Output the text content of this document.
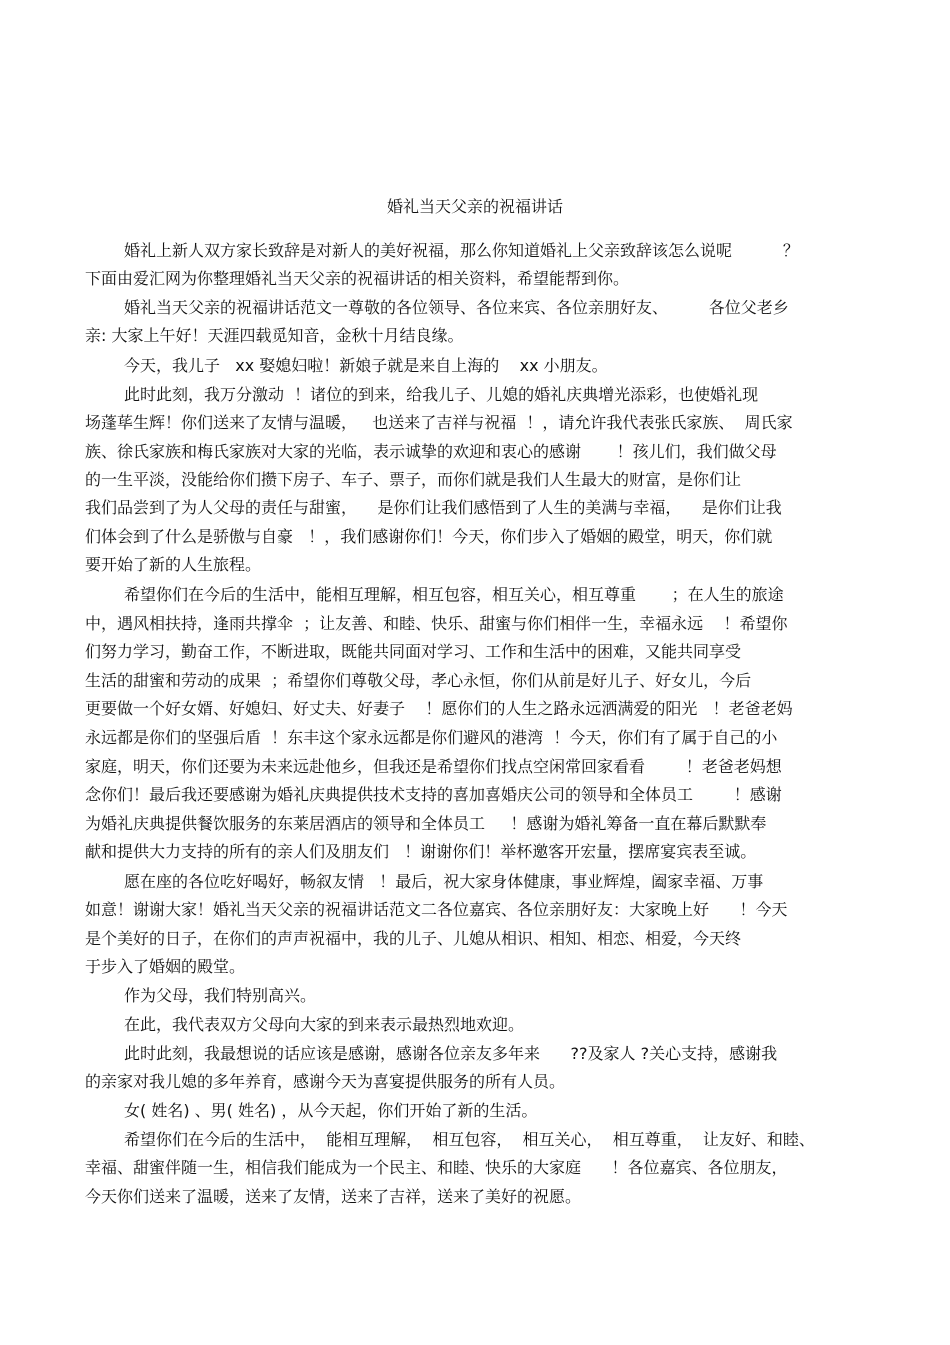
婚礼当天父亲的祝福讲话
婚礼上新人双方家长致辞是对新人的美好祝福，那么你知道婚礼上父亲致辞该怎么说呢          ？
下面由爱汇网为你整理婚礼当天父亲的祝福讲话的相关资料，希望能帮到你。
婚礼当天父亲的祝福讲话范文一尊敬的各位领导、各位来宾、各位亲朋好友、        各位父老乡
亲: 大家上午好！天涯四载觅知音，金秋十月结良缘。
今天，我儿子   xx 娶媳妇啦！新娘子就是来自上海的    xx 小朋友。
此时此刻，我万分激动  ！诸位的到来，给我儿子、儿媳的婚礼庆典增光添彩，也使婚礼现
场蓬荜生辉！你们送来了友情与温暖，   也送来了吉祥与祝福  ！，请允许我代表张氏家族、  周氏家
族、徐氏家族和梅氏家族对大家的光临，表示诚挚的欢迎和衷心的感谢       ！孩儿们，我们做父母
的一生平淡，没能给你们攒下房子、车子、票子，而你们就是我们人生最大的财富，是你们让
我们品尝到了为人父母的责任与甜蜜，    是你们让我们感悟到了人生的美满与幸福，    是你们让我
们体会到了什么是骄傲与自豪   ！，我们感谢你们！今天，你们步入了婚姻的殿堂，明天，你们就
要开始了新的人生旅程。
希望你们在今后的生活中，能相互理解，相互包容，相互关心，相互尊重       ；在人生的旅途
中，遇风相扶持，逢雨共撑伞  ；让友善、和睦、快乐、甜蜜与你们相伴一生，幸福永远    ！希望你
们努力学习，勤奋工作，不断进取，既能共同面对学习、工作和生活中的困难，又能共同享受
生活的甜蜜和劳动的成果  ；希望你们尊敬父母，孝心永恒，你们从前是好儿子、好女儿，今后
更要做一个好女婿、好媳妇、好丈夫、好妻子    ！愿你们的人生之路永远洒满爱的阳光   ！老爸老妈
永远都是你们的坚强后盾  ！东丰这个家永远都是你们避风的港湾  ！今天，你们有了属于自己的小
家庭，明天，你们还要为未来远赴他乡，但我还是希望你们找点空闲常回家看看        ！老爸老妈想
念你们！最后我还要感谢为婚礼庆典提供技术支持的喜加喜婚庆公司的领导和全体员工        ！感谢
为婚礼庆典提供餐饮服务的东莱居酒店的领导和全体员工     ！感谢为婚礼筹备一直在幕后默默奉
献和提供大力支持的所有的亲人们及朋友们   ！谢谢你们！举杯邀客开宏量，摆席宴宾表至诚。
愿在座的各位吃好喝好，畅叙友情   ！最后，祝大家身体健康，事业辉煌，阖家幸福、万事
如意！谢谢大家！婚礼当天父亲的祝福讲话范文二各位嘉宾、各位亲朋好友：大家晚上好      ！今天
是个美好的日子，在你们的声声祝福中，我的儿子、儿媳从相识、相知、相恋、相爱，今天终
于步入了婚姻的殿堂。
作为父母，我们特别高兴。
在此，我代表双方父母向大家的到来表示最热烈地欢迎。
此时此刻，我最想说的话应该是感谢，感谢各位亲友多年来      ??及家人 ?关心支持，感谢我
的亲家对我儿媳的多年养育，感谢今天为喜宴提供服务的所有人员。
女( 姓名) 、男( 姓名) ，从今天起，你们开始了新的生活。
希望你们在今后的生活中，  能相互理解，  相互包容，  相互关心，  相互尊重，  让友好、和睦、
幸福、甜蜜伴随一生，相信我们能成为一个民主、和睦、快乐的大家庭      ！各位嘉宾、各位朋友，
今天你们送来了温暖，送来了友情，送来了吉祥，送来了美好的祝愿。
